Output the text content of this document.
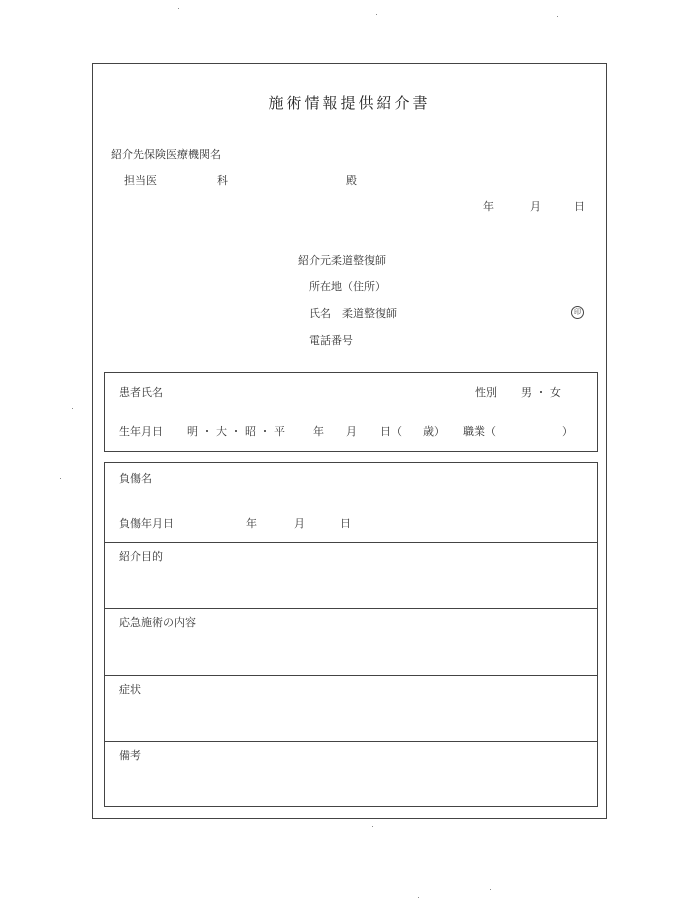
施術情報提供紹介書
紹介先保険医療機関名
担当医	科	殿
年	月	日
紹介元柔道整復師
所在地（住所）
氏名　柔道整復師	印
電話番号
患者氏名	性別 男 ・ 女
生年月日 明 ・ 大 ・ 昭 ・ 平	年 月 日（ 歳） 職業（	）
負傷名
負傷年月日	年	月	日
紹介目的
応急施術の内容
症状
備考
